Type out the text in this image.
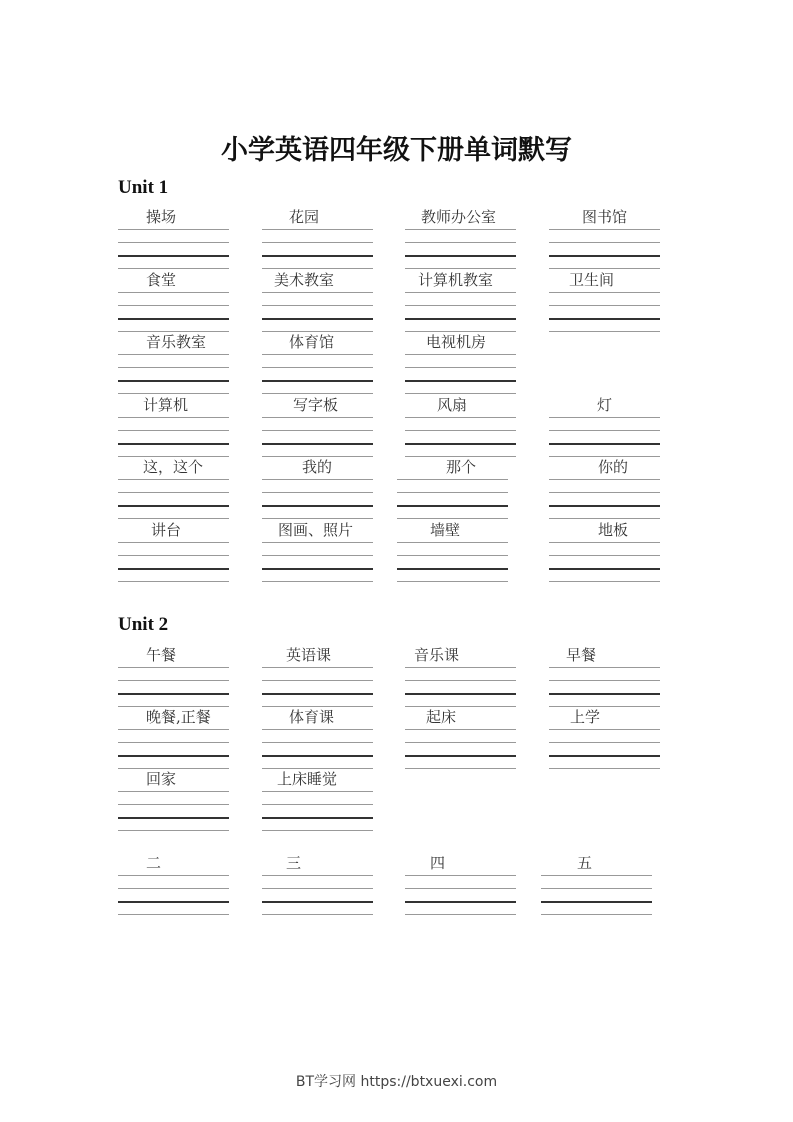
小学英语四年级下册单词默写
Unit 1
Unit 2
操场	花园	教师办公室	图书馆
食堂	美术教室	计算机教室	卫生间
音乐教室	体育馆	电视机房
计算机	写字板	风扇	灯
这，这个	我的	那个	你的
讲台	图画、照片	墙壁	地板
午餐	英语课	音乐课	早餐
晚餐,正餐	体育课	起床	上学
回家	上床睡觉
二	三	四	五
BT学习网 https://btxuexi.com
